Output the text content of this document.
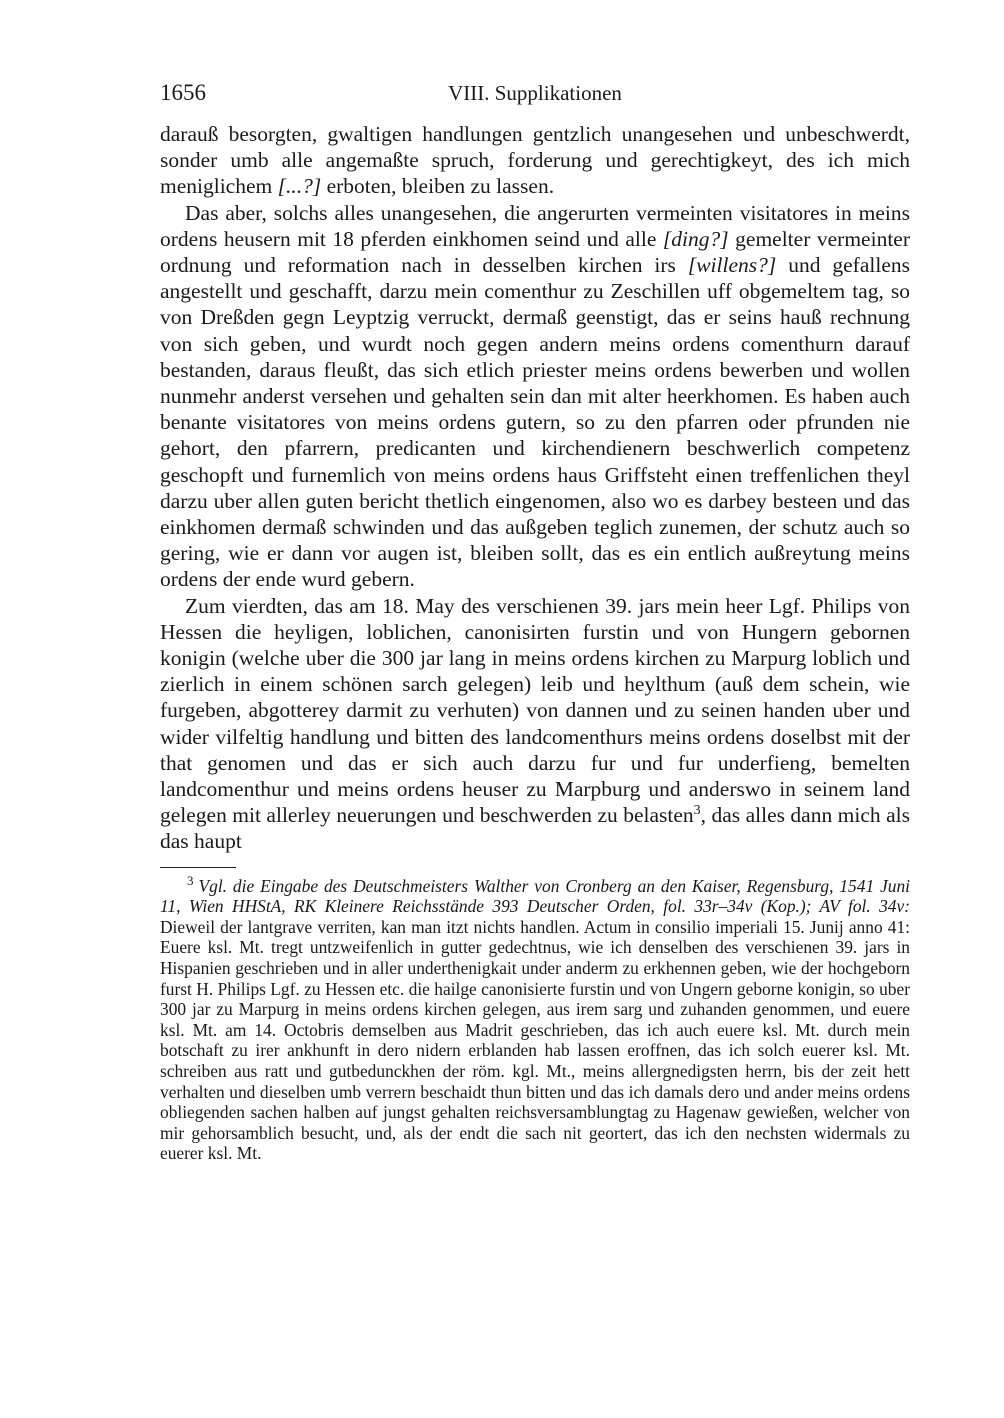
1656	VIII. Supplikationen

darauß besorgten, gwaltigen handlungen gentzlich unangesehen und unbeschwerdt, sonder umb alle angemaßte spruch, forderung und gerechtigkeyt, des ich mich meniglichem [...?] erboten, bleiben zu lassen.

Das aber, solchs alles unangesehen, die angerurten vermeinten visitatores in meins ordens heusern mit 18 pferden einkhomen seind und alle [ding?] gemelter vermeinter ordnung und reformation nach in desselben kirchen irs [willens?] und gefallens angestellt und geschafft, darzu mein comenthur zu Zeschillen uff obgemeltem tag, so von Dreßden gegn Leyptzig verruckt, dermaß geenstigt, das er seins hauß rechnung von sich geben, und wurdt noch gegen andern meins ordens comenthurn darauf bestanden, daraus fleußt, das sich etlich priester meins ordens bewerben und wollen nunmehr anderst versehen und gehalten sein dan mit alter heerkhomen. Es haben auch benante visitatores von meins ordens gutern, so zu den pfarren oder pfrunden nie gehort, den pfarrern, predicanten und kirchendienern beschwerlich competenz geschopft und furnemlich von meins ordens haus Griffsteht einen treffenlichen theyl darzu uber allen guten bericht thetlich eingenomen, also wo es darbey besteen und das einkhomen dermaß schwinden und das außgeben teglich zunemen, der schutz auch so gering, wie er dann vor augen ist, bleiben sollt, das es ein entlich außreytung meins ordens der ende wurd gebern.

Zum vierdten, das am 18. May des verschienen 39. jars mein heer Lgf. Philips von Hessen die heyligen, loblichen, canonisirten furstin und von Hungern gebornen konigin (welche uber die 300 jar lang in meins ordens kirchen zu Marpurg loblich und zierlich in einem schönen sarch gelegen) leib und heylthum (auß dem schein, wie furgeben, abgotterey darmit zu verhuten) von dannen und zu seinen handen uber und wider vilfeltig handlung und bitten des landcomenthurs meins ordens doselbst mit der that genomen und das er sich auch darzu fur und fur underfieng, bemelten landcomenthur und meins ordens heuser zu Marpburg und anderswo in seinem land gelegen mit allerley neuerungen und beschwerden zu belasten$^3$, das alles dann mich als das haupt

$^3$ Vgl. die Eingabe des Deutschmeisters Walther von Cronberg an den Kaiser, Regensburg, 1541 Juni 11, Wien HHStA, RK Kleinere Reichsstände 393 Deutscher Orden, fol. 33r–34v (Kop.); AV fol. 34v: Dieweil der lantgrave verriten, kan man itzt nichts handlen. Actum in consilio imperiali 15. Junij anno 41: Euere ksl. Mt. tregt untzweifenlich in gutter gedechtnus, wie ich denselben des verschienen 39. jars in Hispanien geschrieben und in aller underthenigkait under anderm zu erkhennen geben, wie der hochgeborn furst H. Philips Lgf. zu Hessen etc. die hailge canonisierte furstin und von Ungern geborne konigin, so uber 300 jar zu Marpurg in meins ordens kirchen gelegen, aus irem sarg und zuhanden genommen, und euere ksl. Mt. am 14. Octobris demselben aus Madrit geschrieben, das ich auch euere ksl. Mt. durch mein botschaft zu irer ankhunft in dero nidern erblanden hab lassen eroffnen, das ich solch euerer ksl. Mt. schreiben aus ratt und gutbedunckhen der röm. kgl. Mt., meins allergnedigsten herrn, bis der zeit hett verhalten und dieselben umb verrern beschaidt thun bitten und das ich damals dero und ander meins ordens obliegenden sachen halben auf jungst gehalten reichsversamblungtag zu Hagenaw gewießen, welcher von mir gehorsamblich besucht, und, als der endt die sach nit geortert, das ich den nechsten widermals zu euerer ksl. Mt.
